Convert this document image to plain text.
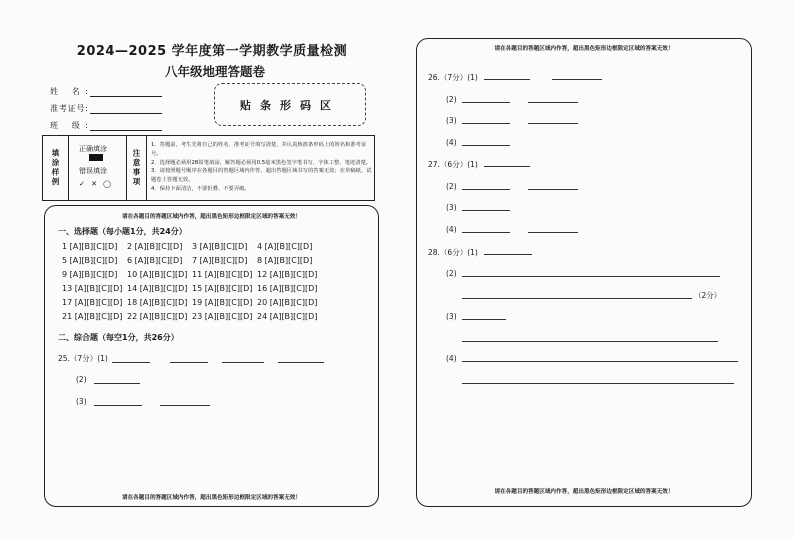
2024—2025 学年度第一学期教学质量检测
八年级地理答题卷
姓 名:
准考证号:
班 级:
贴条形码区
填涂样例	正确填涂
错误填涂
✓ ✕ ◯	注意事项
1．答题前，考生先将自己的姓名、准考证号填写清楚，并认真核准条形码上的姓名和准考证号。
2．选择题必须用2B铅笔填涂，解答题必须用0.5毫米黑色签字笔书写，字体工整、笔迹清楚。
3．请按照题号顺序在各题目的答题区域内作答，超出答题区域书写的答案无效；在草稿纸、试题卷上答题无效。
4．保持卡面清洁，不要折叠、不要弄破。
请在各题目的答题区域内作答，超出黑色矩形边框限定区域的答案无效！
一、选择题（每小题1分，共24分）
1 [A][B][C][D]	2 [A][B][C][D]	3 [A][B][C][D]	4 [A][B][C][D]
5 [A][B][C][D]	6 [A][B][C][D]	7 [A][B][C][D]	8 [A][B][C][D]
9 [A][B][C][D]	10 [A][B][C][D] 11 [A][B][C][D] 12 [A][B][C][D]
13 [A][B][C][D] 14 [A][B][C][D] 15 [A][B][C][D] 16 [A][B][C][D]
17 [A][B][C][D] 18 [A][B][C][D] 19 [A][B][C][D] 20 [A][B][C][D]
21 [A][B][C][D] 22 [A][B][C][D] 23 [A][B][C][D] 24 [A][B][C][D]
二、综合题（每空1分，共26分）
25.（7分）(1)
(2)
(3)
请在各题目的答题区域内作答，超出黑色矩形边框限定区域的答案无效！
请在各题目的答题区域内作答，超出黑色矩形边框限定区域的答案无效！
26.（7分）(1)
(2)
(3)
(4)
27.（6分）(1)
(2)
(3)
(4)
28.（6分）(1)
(2)
（2分）
(3)
(4)
请在各题目的答题区域内作答，超出黑色矩形边框限定区域的答案无效！
